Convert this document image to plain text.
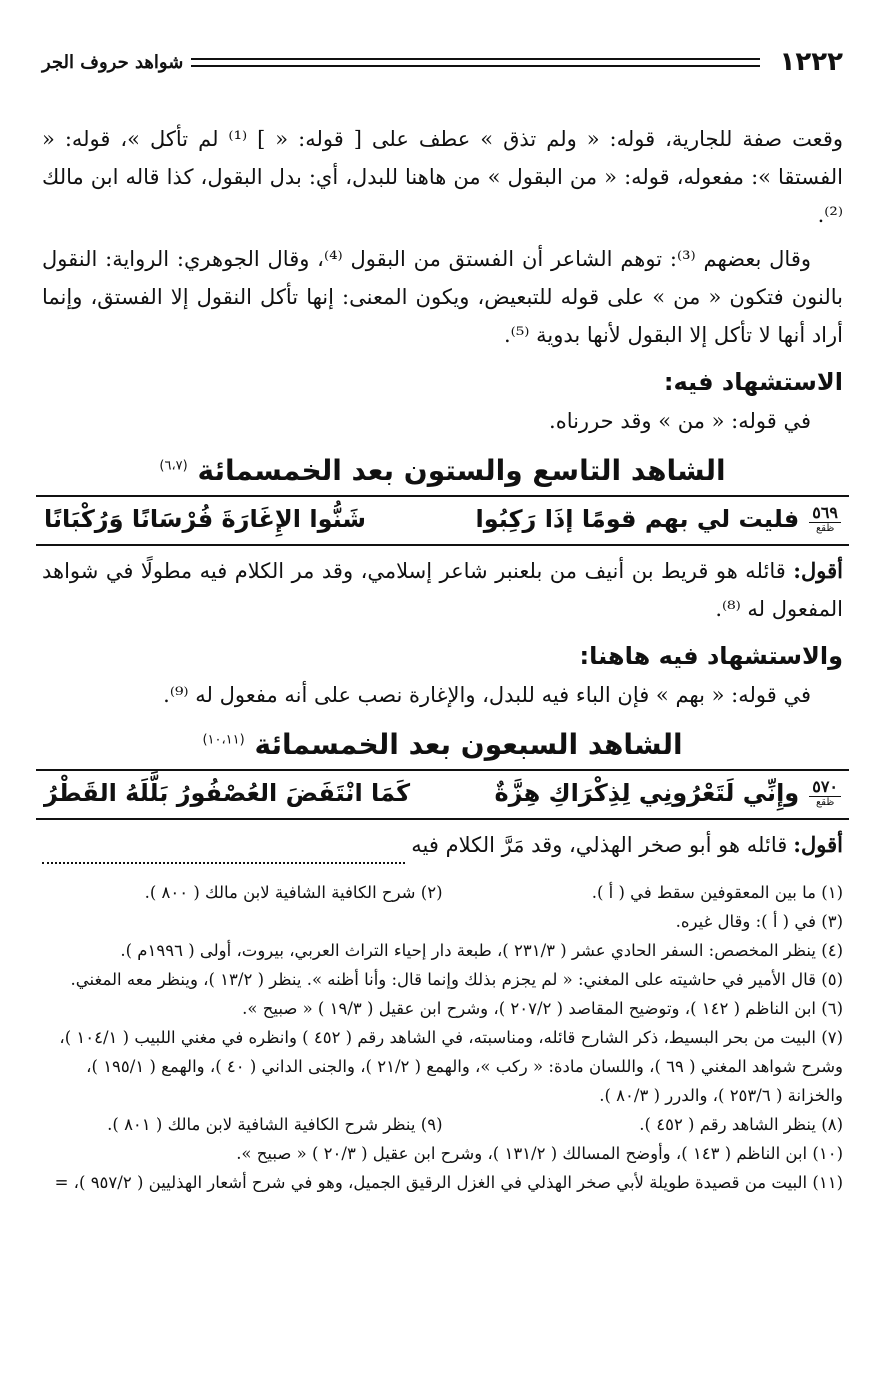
١٢٢٢
شواهد حروف الجر

وقعت صفة للجارية، قوله: « ولم تذق » عطف على [ قوله: « ] ⁽¹⁾ لم تأكل »، قوله: « الفستقا »: مفعوله، قوله: « من البقول » من هاهنا للبدل، أي: بدل البقول، كذا قاله ابن مالك ⁽²⁾.

وقال بعضهم ⁽³⁾: توهم الشاعر أن الفستق من البقول ⁽⁴⁾، وقال الجوهري: الرواية: النقول بالنون فتكون « من » على قوله للتبعيض، ويكون المعنى: إنها تأكل النقول إلا الفستق، وإنما أراد أنها لا تأكل إلا البقول لأنها بدوية ⁽⁵⁾.

الاستشهاد فيه:

في قوله: « من » وقد حررناه.

الشاهد التاسع والستون بعد الخمسمائة $^{(٦،٧)}$
٥٦٩
ظقع
فليت لي بهم قومًا إذَا رَكِبُوا
شَنُّوا الإِغَارَةَ فُرْسَانًا وَرُكْبَانًا

أقول: قائله هو قريط بن أنيف من بلعنبر شاعر إسلامي، وقد مر الكلام فيه مطولًا في شواهد المفعول له ⁽⁸⁾.

والاستشهاد فيه هاهنا:

في قوله: « بهم » فإن الباء فيه للبدل، والإغارة نصب على أنه مفعول له ⁽⁹⁾.

الشاهد السبعون بعد الخمسمائة $^{(١٠،١١)}$
٥٧٠
ظقع
وإِنِّي لَتَعْرُونِي لِذِكْرَاكِ هِزَّةٌ
كَمَا انْتَفَضَ العُصْفُورُ بَلَّلَهُ القَطْرُ
أقول:
قائله هو أبو صخر الهذلي، وقد مَرَّ الكلام فيه

(١) ما بين المعقوفين سقط في ( أ ).

(٢) شرح الكافية الشافية لابن مالك ( ٨٠٠ ).

(٣) في ( أ ): وقال غيره.

(٤) ينظر المخصص: السفر الحادي عشر ( ٢٣١/٣ )، طبعة دار إحياء التراث العربي، بيروت، أولى ( ١٩٩٦م ).

(٥) قال الأمير في حاشيته على المغني: « لم يجزم بذلك وإنما قال: وأنا أظنه ». ينظر ( ١٣/٢ )، وينظر معه المغني.

(٦) ابن الناظم ( ١٤٢ )، وتوضيح المقاصد ( ٢٠٧/٢ )، وشرح ابن عقيل ( ١٩/٣ ) « صبيح ».

(٧) البيت من بحر البسيط، ذكر الشارح قائله، ومناسبته، في الشاهد رقم ( ٤٥٢ ) وانظره في مغني اللبيب ( ١٠٤/١ )، وشرح شواهد المغني ( ٦٩ )، واللسان مادة: « ركب »، والهمع ( ٢١/٢ )، والجنى الداني ( ٤٠ )، والهمع ( ١٩٥/١ )، والخزانة ( ٢٥٣/٦ )، والدرر ( ٨٠/٣ ).

(٨) ينظر الشاهد رقم ( ٤٥٢ ).

(٩) ينظر شرح الكافية الشافية لابن مالك ( ٨٠١ ).

(١٠) ابن الناظم ( ١٤٣ )، وأوضح المسالك ( ١٣١/٢ )، وشرح ابن عقيل ( ٢٠/٣ ) « صبيح ».

(١١) البيت من قصيدة طويلة لأبي صخر الهذلي في الغزل الرقيق الجميل، وهو في شرح أشعار الهذليين ( ٩٥٧/٢ )، =
